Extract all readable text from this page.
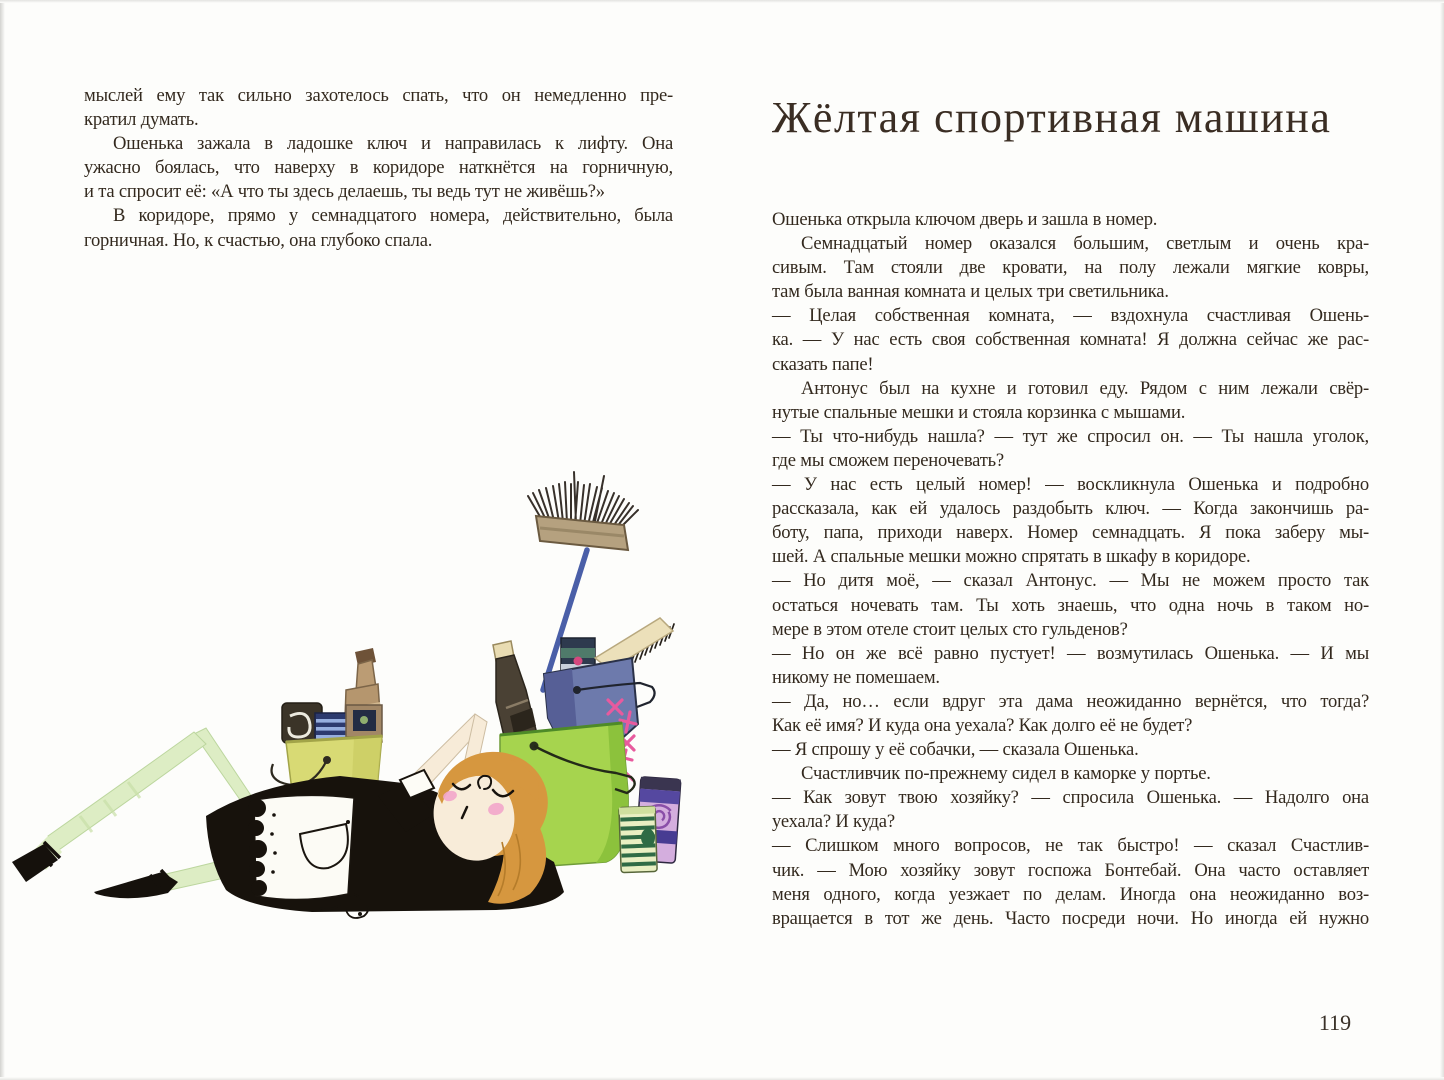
мыслей ему так сильно захотелось спать, что он немедленно пре-
кратил думать.
Ошенька зажала в ладошке ключ и направилась к лифту. Она
ужасно боялась, что наверху в коридоре наткнётся на горничную,
и та спросит её: «А что ты здесь делаешь, ты ведь тут не живёшь?»
В коридоре, прямо у семнадцатого номера, действительно, была
горничная. Но, к счастью, она глубоко спала.
Жёлтая спортивная машина
Ошенька открыла ключом дверь и зашла в номер.
Семнадцатый номер оказался большим, светлым и очень кра-
сивым. Там стояли две кровати, на полу лежали мягкие ковры,
там была ванная комната и целых три светильника.
— Целая собственная комната, — вздохнула счастливая Ошень-
ка. — У нас есть своя собственная комната! Я должна сейчас же рас-
сказать папе!
Антонус был на кухне и готовил еду. Рядом с ним лежали свёр-
нутые спальные мешки и стояла корзинка с мышами.
— Ты что-нибудь нашла? — тут же спросил он. — Ты нашла уголок,
где мы сможем переночевать?
— У нас есть целый номер! — воскликнула Ошенька и подробно
рассказала, как ей удалось раздобыть ключ. — Когда закончишь ра-
боту, папа, приходи наверх. Номер семнадцать. Я пока заберу мы-
шей. А спальные мешки можно спрятать в шкафу в коридоре.
— Но дитя моё, — сказал Антонус. — Мы не можем просто так
остаться ночевать там. Ты хоть знаешь, что одна ночь в таком но-
мере в этом отеле стоит целых сто гульденов?
— Но он же всё равно пустует! — возмутилась Ошенька. — И мы
никому не помешаем.
— Да, но… если вдруг эта дама неожиданно вернётся, что тогда?
Как её имя? И куда она уехала? Как долго её не будет?
— Я спрошу у её собачки, — сказала Ошенька.
Счастливчик по-прежнему сидел в каморке у портье.
— Как зовут твою хозяйку? — спросила Ошенька. — Надолго она
уехала? И куда?
— Слишком много вопросов, не так быстро! — сказал Счастлив-
чик. — Мою хозяйку зовут госпожа Бонтебай. Она часто оставляет
меня одного, когда уезжает по делам. Иногда она неожиданно воз-
вращается в тот же день. Часто посреди ночи. Но иногда ей нужно
119
